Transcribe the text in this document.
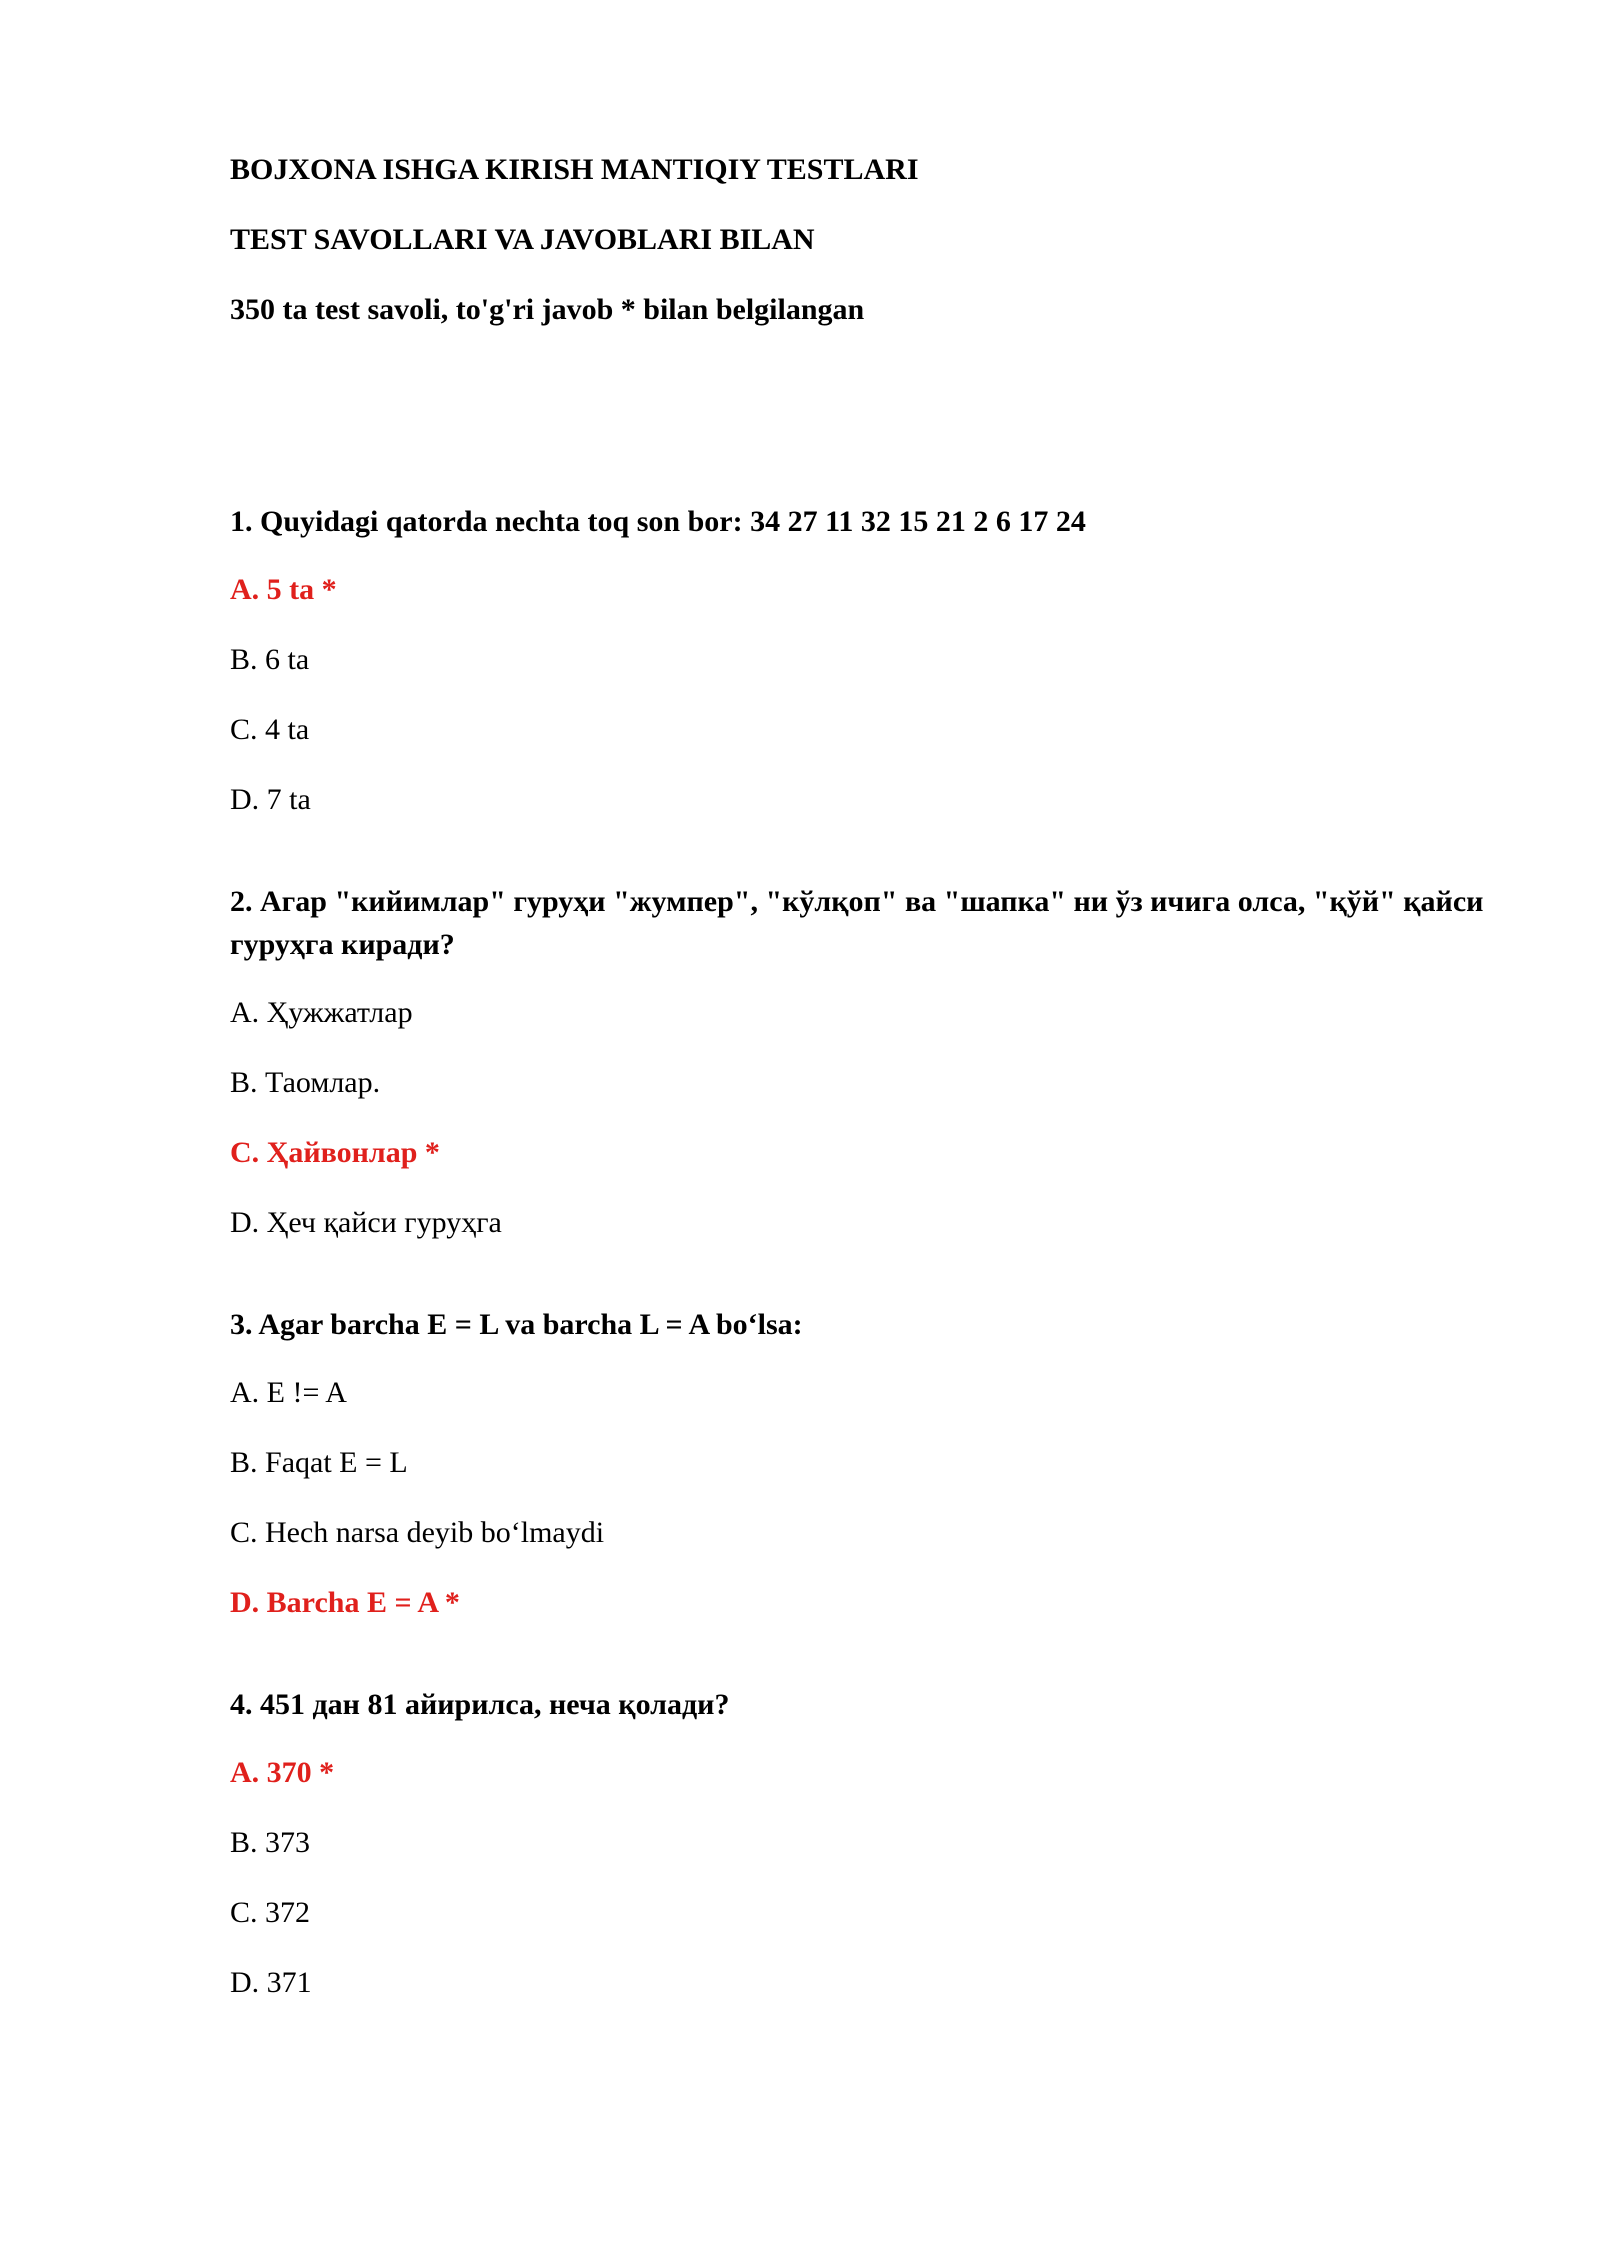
BOJXONA ISHGA KIRISH MANTIQIY TESTLARI
TEST SAVOLLARI VA JAVOBLARI BILAN
350 ta test savoli, to'g'ri javob * bilan belgilangan
1. Quyidagi qatorda nechta toq son bor: 34 27 11 32 15 21 2 6 17 24
A. 5 ta *
B. 6 ta
C. 4 ta
D. 7 ta
2. Агар "кийимлар" гуруҳи "жумпер", "кўлқоп" ва "шапка" ни ўз ичига олса, "қўй" қайси гуруҳга киради?
A. Ҳужжатлар
B. Таомлар.
C. Ҳайвонлар *
D. Ҳеч қайси гуруҳга
3. Agar barcha E = L va barcha L = A bo‘lsa:
A. E != A
B. Faqat E = L
C. Hech narsa deyib bo‘lmaydi
D. Barcha E = A *
4. 451 дан 81 айирилса, неча қолади?
A. 370 *
B. 373
C. 372
D. 371
